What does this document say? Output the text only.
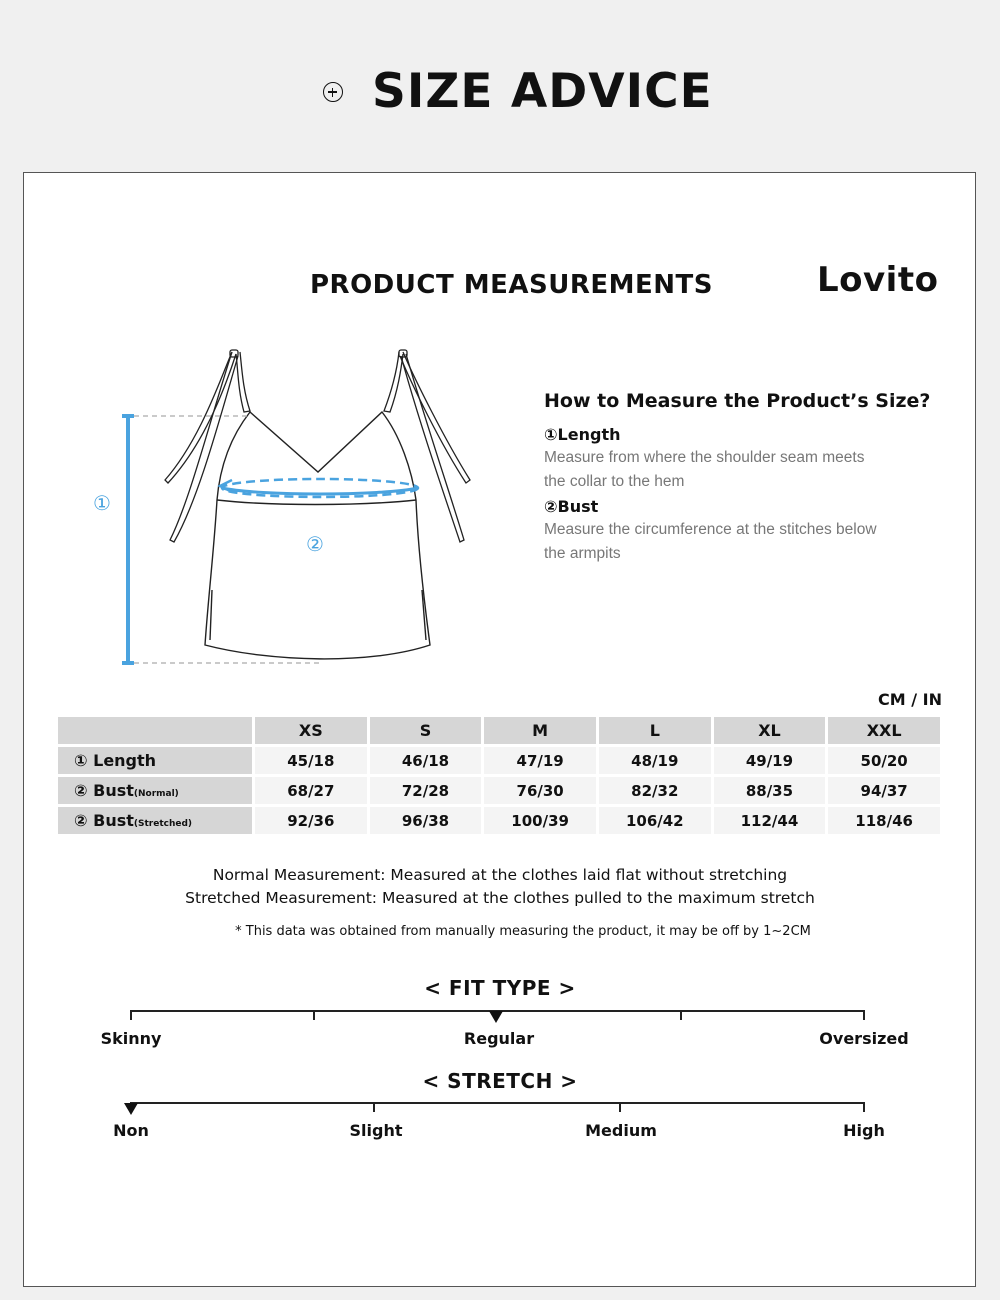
SIZE ADVICE
PRODUCT MEASUREMENTS	Lovito
①
②
How to Measure the Product’s Size?
①Length
Measure from where the shoulder seam meets
the collar to the hem
②Bust
Measure the circumference at the stitches below
the armpits
CM / IN
	XS	S	M	L	XL	XXL
① Length	45/18	46/18	47/19	48/19	49/19	50/20
② Bust(Normal)	68/27	72/28	76/30	82/32	88/35	94/37
② Bust(Stretched)	92/36	96/38	100/39	106/42	112/44	118/46
Normal Measurement: Measured at the clothes laid flat without stretching
Stretched Measurement: Measured at the clothes pulled to the maximum stretch
* This data was obtained from manually measuring the product, it may be off by 1~2CM
< FIT TYPE >
Skinny	Regular	Oversized
< STRETCH >
Non	Slight	Medium	High
